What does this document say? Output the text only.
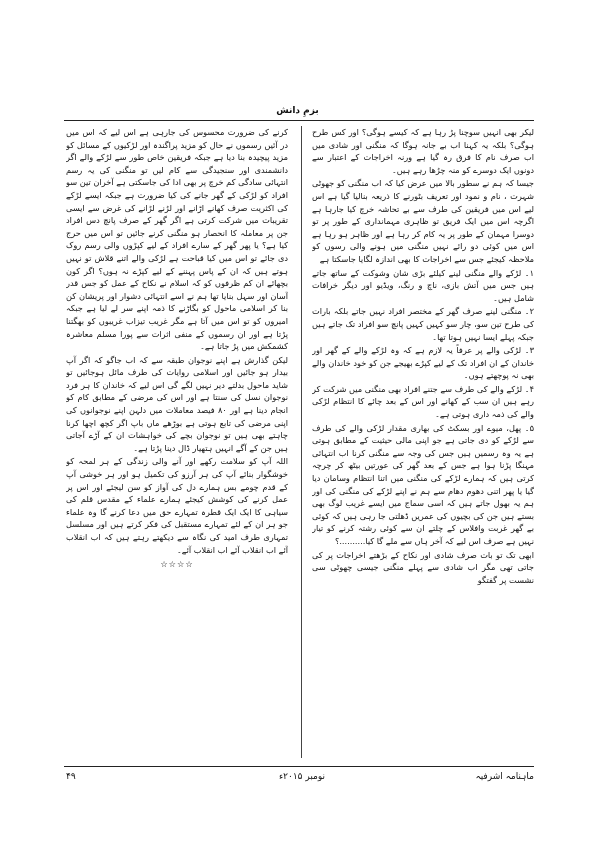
بزمِ دانش

لیکر بھی انہیں سوچنا پڑ رہا ہے کہ کیسے ہوگی؟ اور کس طرح ہوگی؟ بلکہ یہ کہنا اب بے جانہ ہوگا کہ منگنی اور شادی میں اب صرف نام کا فرق رہ گیا ہے ورنہ اخراجات کے اعتبار سے دونوں ایک دوسرے کو منہ چڑھا رہے ہیں۔

جیسا کہ ہم نے سطور بالا میں عرض کیا کہ اب منگنی کو جھوٹی شہرت ، نام و نمود اور تعریف بٹورنے کا ذریعہ بنالیا گیا ہے اس لیے اس میں فریقین کی طرف سے بے تحاشہ خرچ کیا جارہا ہے اگرچہ اس میں ایک فریق تو ظاہری مہمانداری کے طور پر تو دوسرا مہمان کے طور پر یہ کام کر رہا ہے اور ظاہر ہو رہا ہے اس میں کوئی دو رائے نہیں منگنی میں ہونے والی رسوں کو ملاحظہ کیجئے جس سے اخراجات کا بھی اندازہ لگایا جاسکتا ہے

۱۔ لڑکے والے منگنی لینے کیلئے بڑی شان وشوکت کے ساتھ جاتے ہیں جس میں آتش بازی، ناچ و رنگ، ویڈیو اور دیگر خرافات شامل ہیں۔

۲۔ منگنی لینے صرف گھر کے مختصر افراد نہیں جاتے بلکہ بارات کی طرح تین سو، چار سو کہیں کہیں پانچ سو افراد تک جاتے ہیں جبکہ پہلے ایسا نہیں ہوتا تھا۔

۳۔ لڑکی والے پر عرفاً یہ لازم ہے کہ وہ لڑکے والے کے گھر اور خاندان کے ان افراد تک کے لیے کپڑے بھیجے جن کو خود خاندان والے بھی نہ پوچھتے ہوں۔

۴۔ لڑکے والے کی طرف سے جتنے افراد بھی منگنی میں شرکت کر رہے ہیں ان سب کے کھانے اور اس کے بعد چائے کا انتظام لڑکی والے کی ذمہ داری ہوتی ہے۔

۵۔ پھل، میوے اور بسکٹ کی بھاری مقدار لڑکی والے کی طرف سے لڑکے کو دی جاتی ہے جو اپنی مالی حیثیت کے مطابق ہوتی ہے یہ وہ رسمیں ہیں جس کی وجہ سے منگنی کرنا اب انتہائی مہنگا پڑنا ہوا ہے جس کے بعد گھر کی عورتیں بیٹھ کر چرچہ کرتی ہیں کہ ہمارے لڑکے کی منگنی میں اتنا انتظام وسامان دیا گیا یا پھر اتنی دھوم دھام سے ہم نے اپنے لڑکے کی منگنی کی اور ہم یہ بھول جاتے ہیں کہ اسی سماج میں ایسے غریب لوگ بھی بستے ہیں جن کی بچیوں کی عمریں ڈھلتی جا رہی ہیں کہ کوئی بے گھر غربت وافلاس کے چلتے ان سے کوئی رشتہ کرنے کو تیار نہیں ہے صرف اس لیے کہ آخر ہاں سے ملے گا کیا..........؟

ابھی تک تو بات صرف شادی اور نکاح کے بڑھتے اخراجات پر کی جاتی تھی مگر اب شادی سے پہلے منگنی جیسی چھوٹی سی نشست پر گفتگو

کرنے کی ضرورت محسوس کی جارہی ہے اس لیے کہ اس میں در آئیں رسموں نے حال کو مزید پراگندہ اور لڑکیوں کے مسائل کو مزید پیچیدہ بنا دیا ہے جبکہ فریقین خاص طور سے لڑکے والے اگر دانشمندی اور سنجیدگی سے کام لیں تو منگنی کی یہ رسم انتہائی سادگی کم خرچ پر بھی ادا کی جاسکتی ہے آخران تین سو افراد کو لڑکی کے گھر جانے کی کیا ضرورت ہے جبکہ ایسے لڑکے کی اکثریت صرف کھانے اڑانے اور لڑنے لڑانے کی غرض سے ایسی تقریبات میں شرکت کرتی ہے اگر گھر کے صرف پانچ دس افراد جن پر معاملہ کا انحصار ہو منگنی کرنے جائیں تو اس میں حرج کیا ہے؟ یا پھر گھر کے سارے افراد کے لیے کپڑوں والی رسم روک دی جائے تو اس میں کیا قباحت ہے لڑکی والے اتنے قلاش تو نہیں ہوتے ہیں کہ ان کے پاس پہننے کے لیے کپڑے نہ ہوں؟ اگر کون بچھائے ان کم ظرفوں کو کہ اسلام نے نکاح کے عمل کو جس قدر آسان اور سہل بنایا تھا ہم نے اسے انتہائی دشوار اور پریشان کن بنا کر اسلامی ماحول کو بگاڑنے کا ذمہ اپنے سر لے لیا ہے جبکہ امیروں کو تو اس میں آتا ہے مگر غریب تیزاب غریبوں کو بھگتنا پڑتا ہے اور ان رسموں کے منفی اثرات سے پورا مسلم معاشرہ کشمکش میں پڑ جاتا ہے۔

لیکن گذارش ہے اپنے نوجوان طبقہ سے کہ اب جاگو کہ اگر آپ بیدار ہو جائیں اور اسلامی روایات کی طرف مائل ہوجائیں تو شاید ماحول بدلتے دیر نہیں لگے گی اس لیے کہ خاندان کا ہر فرد نوجوان نسل کی سنتا ہے اور اس کی مرضی کے مطابق کام کو انجام دینا ہے اور ۸۰ فیصد معاملات میں دلہن اپنے نوجوانوں کی اپنی مرضی کی تابع ہوتی ہے بوڑھے ماں باپ اگر کچھ اچھا کرنا چاہتے بھی ہیں تو نوجوان بچے کی خواہشات ان کے آڑے آجاتی ہیں جن کے آگے انہیں ہتھیار ڈال دینا پڑتا ہے۔

اللہ آپ کو سلامت رکھے اور آنے والی زندگی کے ہر لمحہ کو خوشگوار بنائے آپ کی ہر آرزو کی تکمیل ہو اور ہر خوشی آپ کے قدم چومے بس ہمارے دل کی آواز کو سن لیجئے اور اس پر عمل کرنے کی کوشش کیجئے ہمارے علماء کے مقدس قلم کی سیاہی کا ایک ایک قطرہ تمہارے حق میں دعا کرنے گا وہ علماء جو ہر ان کے لئے تمہارے مستقبل کی فکر کرتے ہیں اور مسلسل تمہاری طرف امید کی نگاہ سے دیکھتے رہتے ہیں کہ اب انقلاب آئے اب انقلاب آئے اب انقلاب آئے۔

☆☆☆☆

ماہنامہ اشرفیہ
نومبر ۲۰۱۵ء
۴۹
